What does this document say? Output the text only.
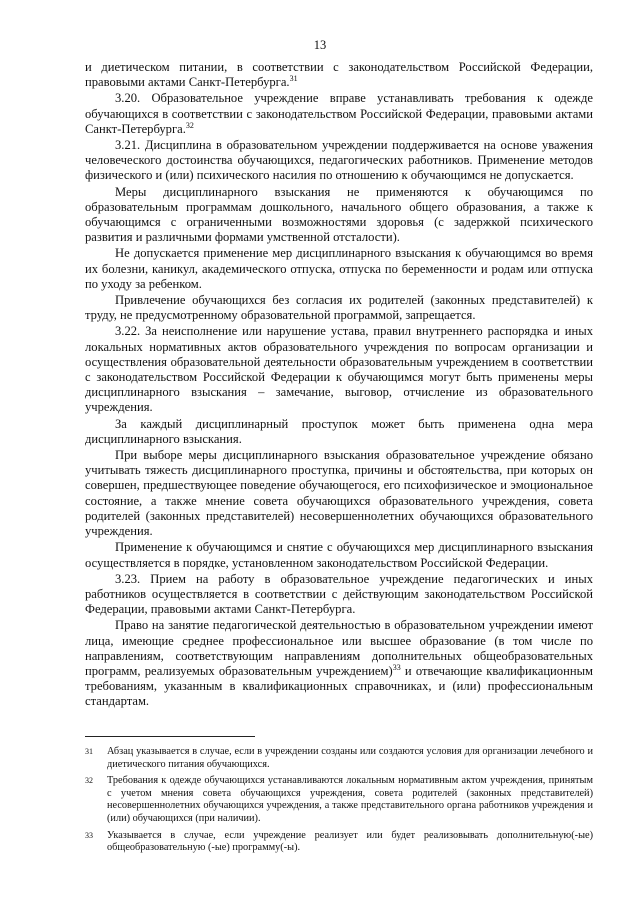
13

и диетическом питании, в соответствии с законодательством Российской Федерации, правовыми актами Санкт-Петербурга.$^{31}$

3.20. Образовательное учреждение вправе устанавливать требования к одежде обучающихся в соответствии с законодательством Российской Федерации, правовыми актами Санкт-Петербурга.$^{32}$

3.21. Дисциплина в образовательном учреждении поддерживается на основе уважения человеческого достоинства обучающихся, педагогических работников. Применение методов физического и (или) психического насилия по отношению к обучающимся не допускается.

Меры дисциплинарного взыскания не применяются к обучающимся по образовательным программам дошкольного, начального общего образования, а также к обучающимся с ограниченными возможностями здоровья (с задержкой психического развития и различными формами умственной отсталости).

Не допускается применение мер дисциплинарного взыскания к обучающимся во время их болезни, каникул, академического отпуска, отпуска по беременности и родам или отпуска по уходу за ребенком.

Привлечение обучающихся без согласия их родителей (законных представителей) к труду, не предусмотренному образовательной программой, запрещается.

3.22. За неисполнение или нарушение устава, правил внутреннего распорядка и иных локальных нормативных актов образовательного учреждения по вопросам организации и осуществления образовательной деятельности образовательным учреждением в соответствии с законодательством Российской Федерации к обучающимся могут быть применены меры дисциплинарного взыскания – замечание, выговор, отчисление из образовательного учреждения.

За каждый дисциплинарный проступок может быть применена одна мера дисциплинарного взыскания.

При выборе меры дисциплинарного взыскания образовательное учреждение обязано учитывать тяжесть дисциплинарного проступка, причины и обстоятельства, при которых он совершен, предшествующее поведение обучающегося, его психофизическое и эмоциональное состояние, а также мнение совета обучающихся образовательного учреждения, совета родителей (законных представителей) несовершеннолетних обучающихся образовательного учреждения.

Применение к обучающимся и снятие с обучающихся мер дисциплинарного взыскания осуществляется в порядке, установленном законодательством Российской Федерации.

3.23. Прием на работу в образовательное учреждение педагогических и иных работников осуществляется в соответствии с действующим законодательством Российской Федерации, правовыми актами Санкт-Петербурга.

Право на занятие педагогической деятельностью в образовательном учреждении имеют лица, имеющие среднее профессиональное или высшее образование (в том числе по направлениям, соответствующим направлениям дополнительных общеобразовательных программ, реализуемых образовательным учреждением)$^{33}$ и отвечающие квалификационным требованиям, указанным в квалификационных справочниках, и (или) профессиональным стандартам.

31	Абзац указывается в случае, если в учреждении созданы или создаются условия для организации лечебного и диетического питания обучающихся.
32	Требования к одежде обучающихся устанавливаются локальным нормативным актом учреждения, принятым с учетом мнения совета обучающихся учреждения, совета родителей (законных представителей) несовершеннолетних обучающихся учреждения, а также представительного органа работников учреждения и (или) обучающихся (при наличии).
33	Указывается в случае, если учреждение реализует или будет реализовывать дополнительную(-ые) общеобразовательную (-ые) программу(-ы).
